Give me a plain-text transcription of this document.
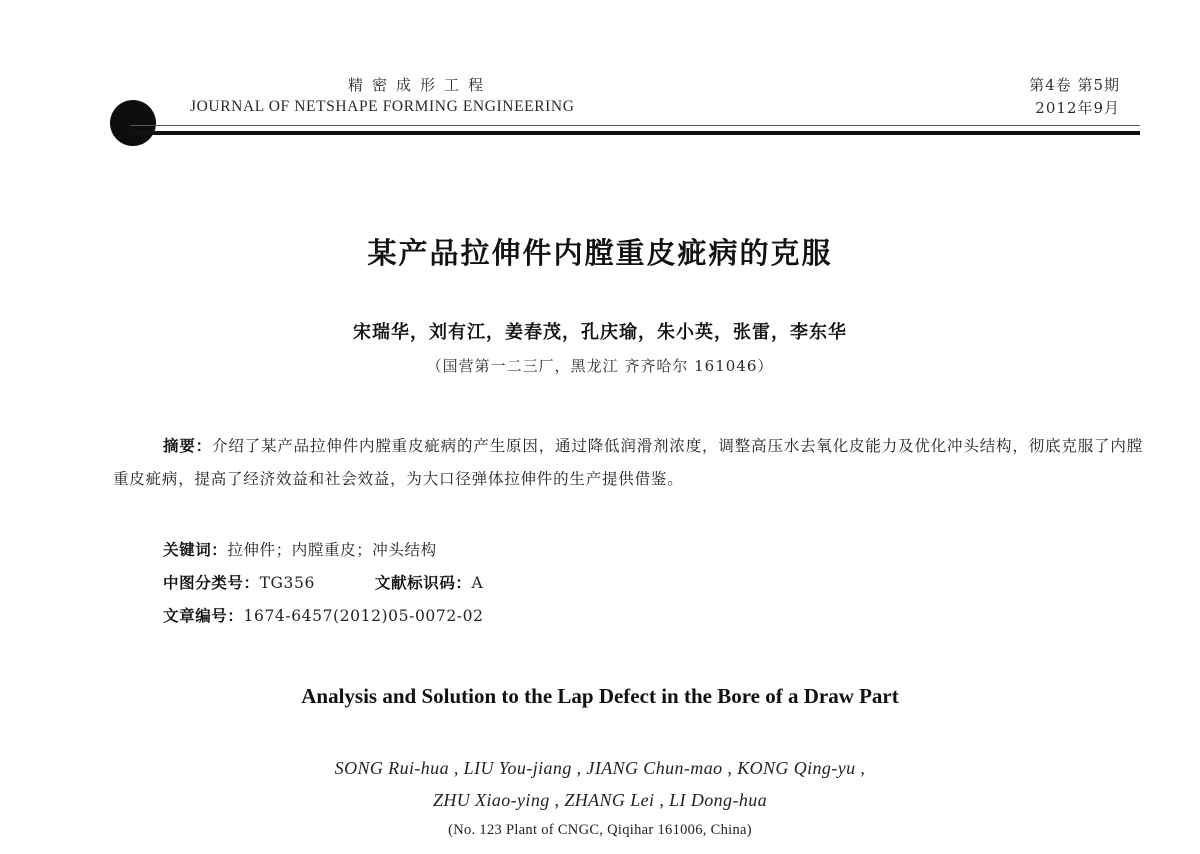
精密成形工程
JOURNAL OF NETSHAPE FORMING ENGINEERING
第4卷 第5期
2012年9月
某产品拉伸件内膛重皮疵病的克服
宋瑞华，刘有江，姜春茂，孔庆瑜，朱小英，张雷，李东华
（国营第一二三厂，黑龙江 齐齐哈尔 161046）

摘要：介绍了某产品拉伸件内膛重皮疵病的产生原因，通过降低润滑剂浓度，调整高压水去氧化皮能力及优化冲头结构，彻底克服了内膛重皮疵病，提高了经济效益和社会效益，为大口径弹体拉伸件的生产提供借鉴。

关键词：拉伸件；内膛重皮；冲头结构
中图分类号：TG356	文献标识码：A
文章编号：1674-6457(2012)05-0072-02
Analysis and Solution to the Lap Defect in the Bore of a Draw Part
SONG Rui-hua , LIU You-jiang , JIANG Chun-mao , KONG Qing-yu ,
ZHU Xiao-ying , ZHANG Lei , LI Dong-hua
(No. 123 Plant of CNGC, Qiqihar 161006, China)
